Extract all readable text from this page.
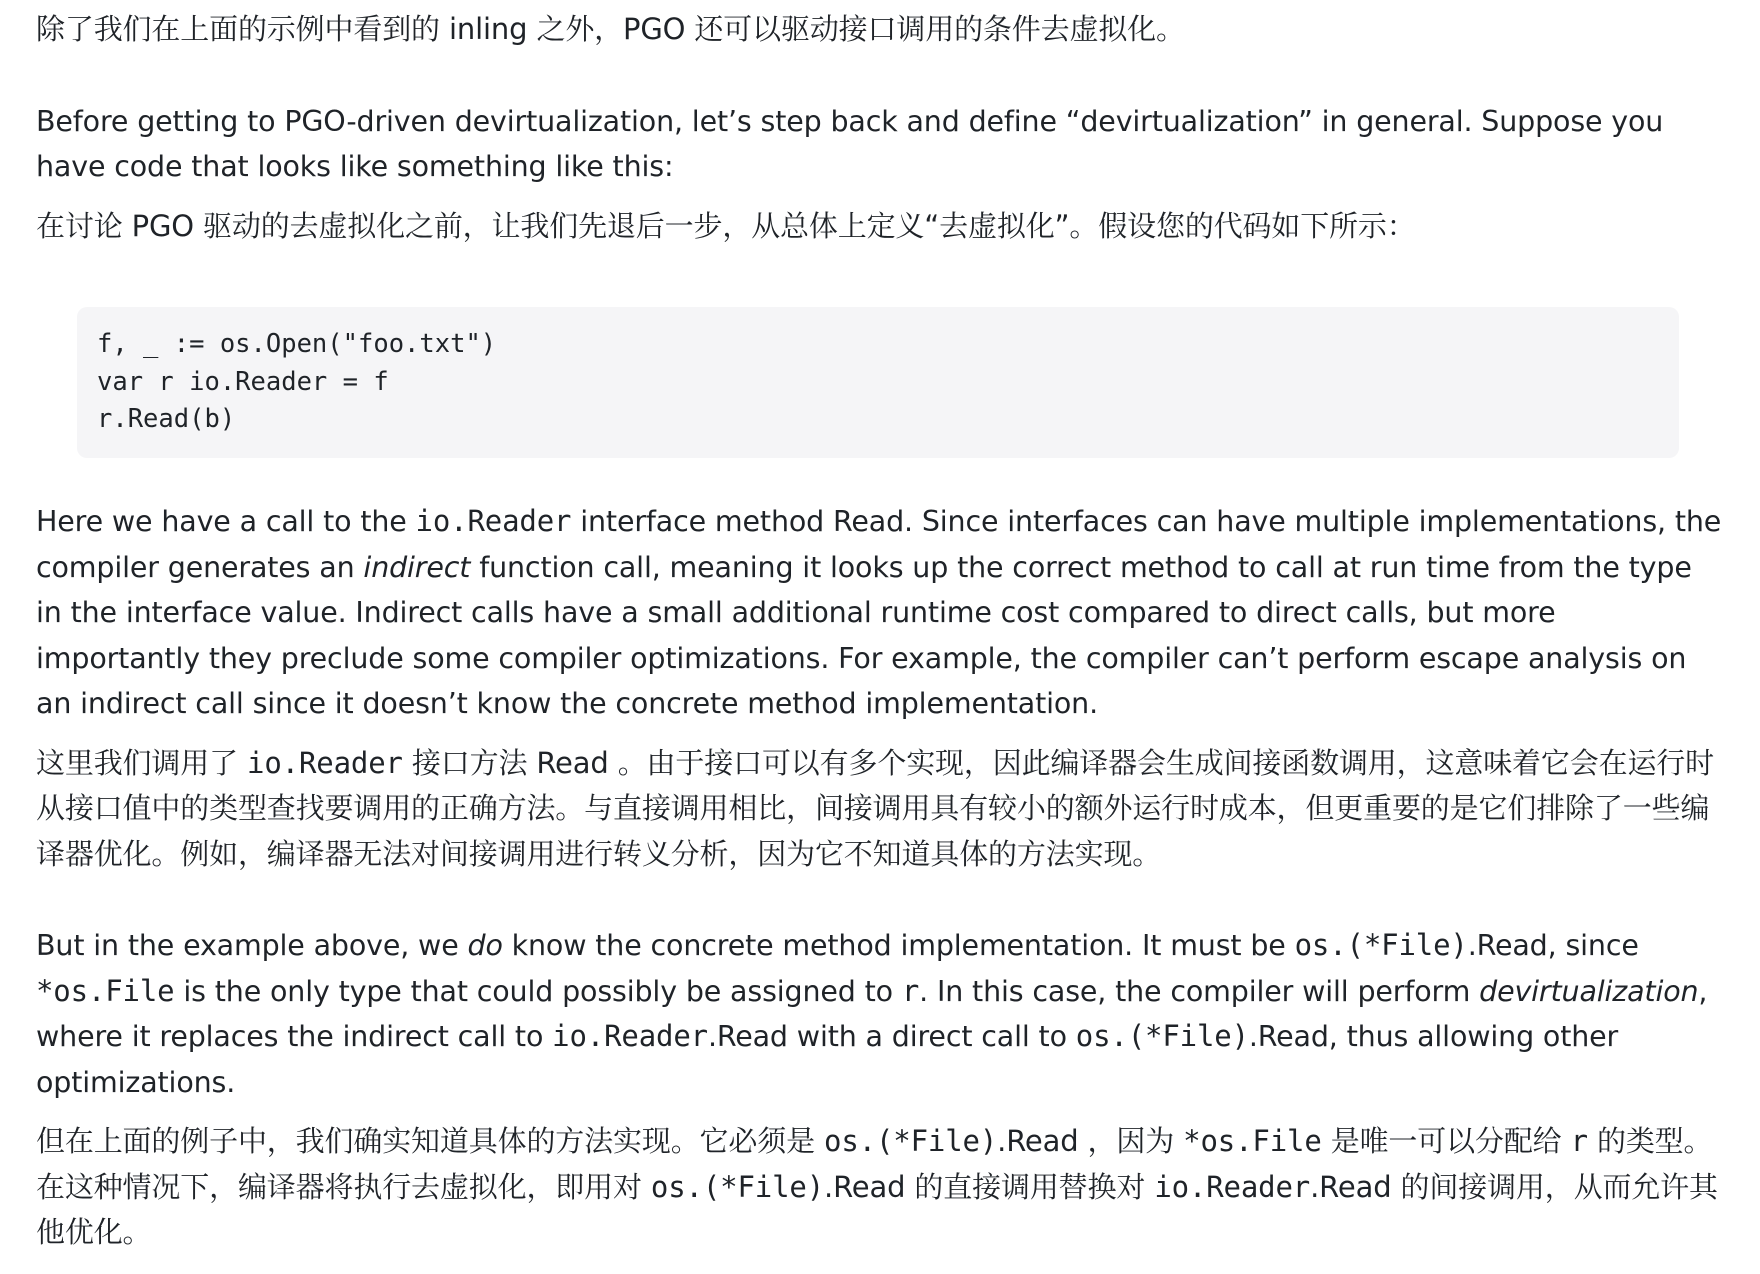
除了我们在上面的示例中看到的 inling 之外，PGO 还可以驱动接口调用的条件去虚拟化。

Before getting to PGO-driven devirtualization, let’s step back and define “devirtualization” in general. Suppose you have code that looks like something like this:

在讨论 PGO 驱动的去虚拟化之前，让我们先退后一步，从总体上定义“去虚拟化”。假设您的代码如下所示：

f, _ := os.Open("foo.txt")
var r io.Reader = f
r.Read(b)

Here we have a call to the io.Reader interface method Read. Since interfaces can have multiple implementations, the compiler generates an indirect function call, meaning it looks up the correct method to call at run time from the type in the interface value. Indirect calls have a small additional runtime cost compared to direct calls, but more importantly they preclude some compiler optimizations. For example, the compiler can’t perform escape analysis on an indirect call since it doesn’t know the concrete method implementation.

这里我们调用了 io.Reader 接口方法 Read 。由于接口可以有多个实现，因此编译器会生成间接函数调用，这意味着它会在运行时从接口值中的类型查找要调用的正确方法。与直接调用相比，间接调用具有较小的额外运行时成本，但更重要的是它们排除了一些编译器优化。例如，编译器无法对间接调用进行转义分析，因为它不知道具体的方法实现。

But in the example above, we do know the concrete method implementation. It must be os.(*File).Read, since *os.File is the only type that could possibly be assigned to r. In this case, the compiler will perform devirtualization, where it replaces the indirect call to io.Reader.Read with a direct call to os.(*File).Read, thus allowing other optimizations.

但在上面的例子中，我们确实知道具体的方法实现。它必须是 os.(*File).Read ，因为 *os.File 是唯一可以分配给 r 的类型。在这种情况下，编译器将执行去虚拟化，即用对 os.(*File).Read 的直接调用替换对 io.Reader.Read 的间接调用，从而允许其他优化。
